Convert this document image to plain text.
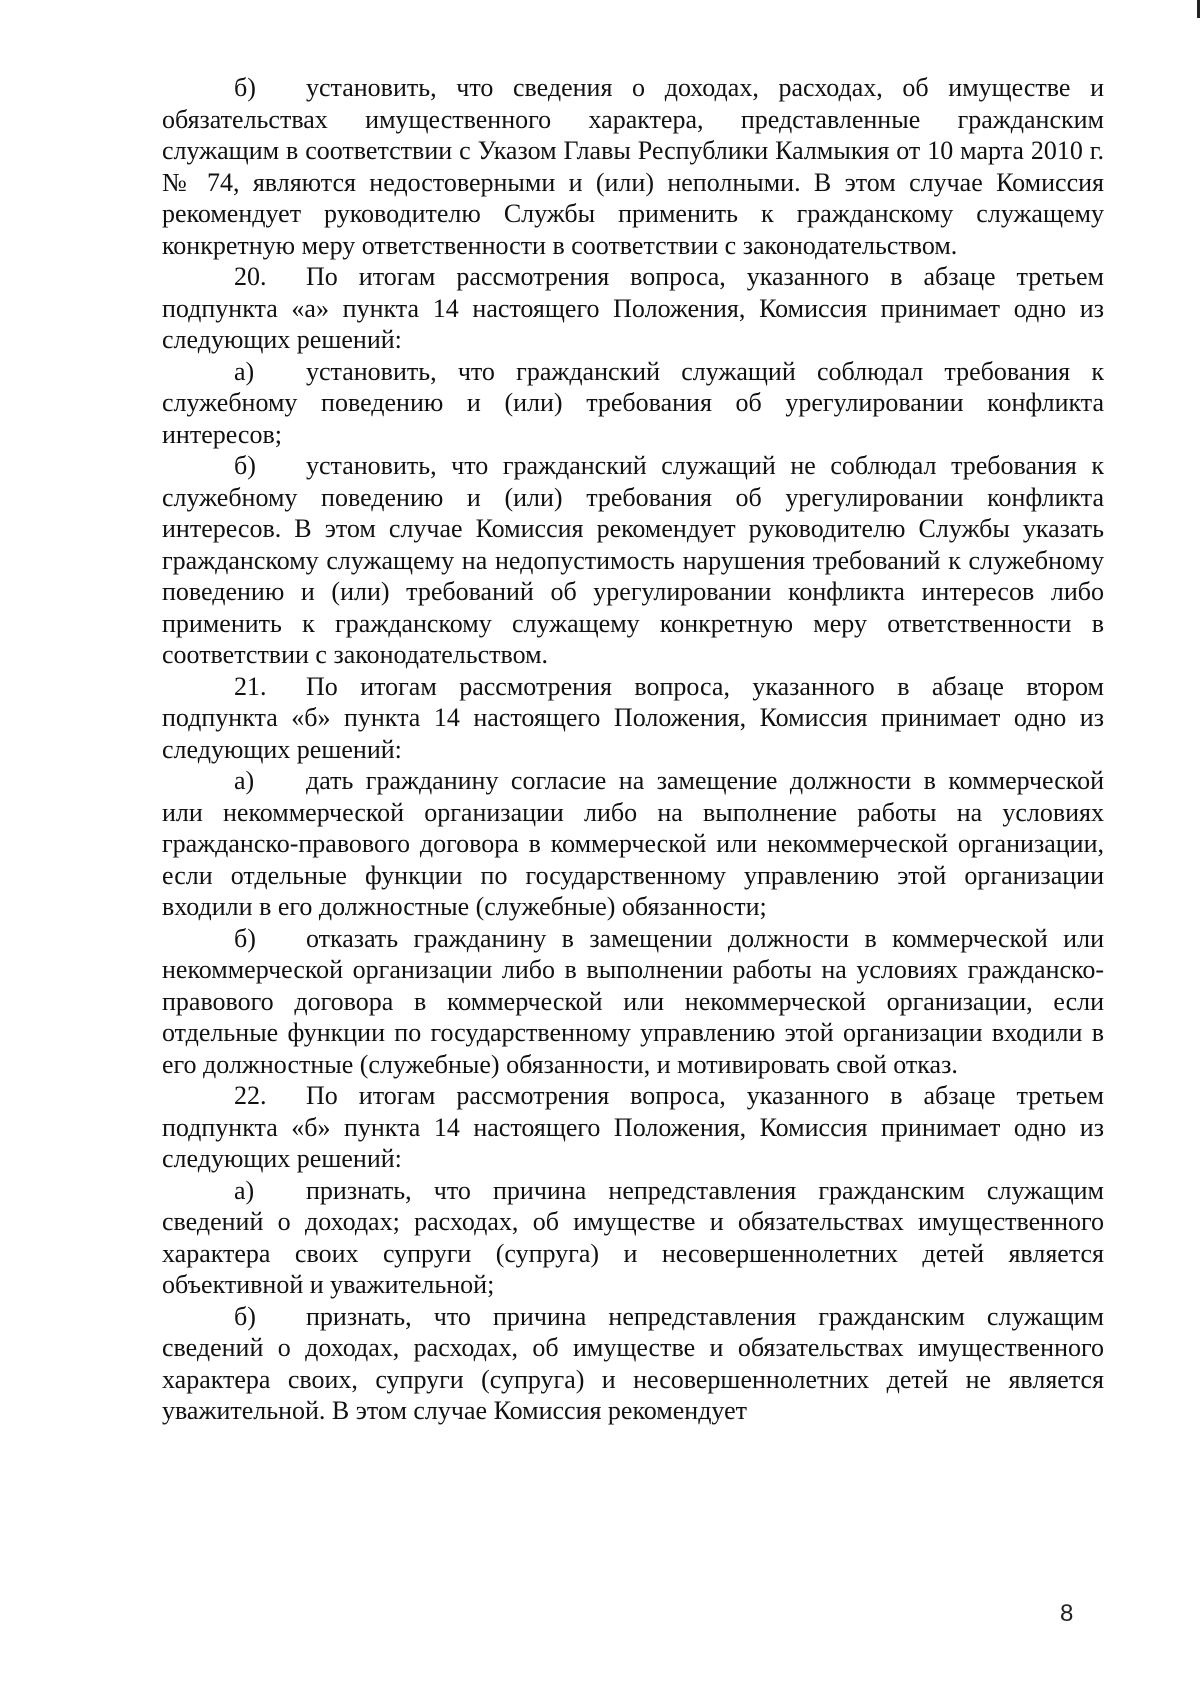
б) установить, что сведения о доходах, расходах, об имуществе и обязательствах имущественного характера, представленные гражданским служащим в соответствии с Указом Главы Республики Калмыкия от 10 марта 2010 г. № 74, являются недостоверными и (или) неполными. В этом случае Комиссия рекомендует руководителю Службы применить к гражданскому служащему конкретную меру ответственности в соответствии с законодательством.

20. По итогам рассмотрения вопроса, указанного в абзаце третьем подпункта «а» пункта 14 настоящего Положения, Комиссия принимает одно из следующих решений:

а) установить, что гражданский служащий соблюдал требования к служебному поведению и (или) требования об урегулировании конфликта интересов;

б) установить, что гражданский служащий не соблюдал требования к служебному поведению и (или) требования об урегулировании конфликта интересов. В этом случае Комиссия рекомендует руководителю Службы указать гражданскому служащему на недопустимость нарушения требований к служебному поведению и (или) требований об урегулировании конфликта интересов либо применить к гражданскому служащему конкретную меру ответственности в соответствии с законодательством.

21. По итогам рассмотрения вопроса, указанного в абзаце втором подпункта «б» пункта 14 настоящего Положения, Комиссия принимает одно из следующих решений:

а) дать гражданину согласие на замещение должности в коммерческой или некоммерческой организации либо на выполнение работы на условиях гражданско-правового договора в коммерческой или некоммерческой организации, если отдельные функции по государственному управлению этой организации входили в его должностные (служебные) обязанности;

б) отказать гражданину в замещении должности в коммерческой или некоммерческой организации либо в выполнении работы на условиях гражданско-правового договора в коммерческой или некоммерческой организации, если отдельные функции по государственному управлению этой организации входили в его должностные (служебные) обязанности, и мотивировать свой отказ.

22. По итогам рассмотрения вопроса, указанного в абзаце третьем подпункта «б» пункта 14 настоящего Положения, Комиссия принимает одно из следующих решений:

а) признать, что причина непредставления гражданским служащим сведений о доходах; расходах, об имуществе и обязательствах имущественного характера своих супруги (супруга) и несовершеннолетних детей является объективной и уважительной;

б) признать, что причина непредставления гражданским служащим сведений о доходах, расходах, об имуществе и обязательствах имущественного характера своих, супруги (супруга) и несовершеннолетних детей не является уважительной. В этом случае Комиссия рекомендует

8
